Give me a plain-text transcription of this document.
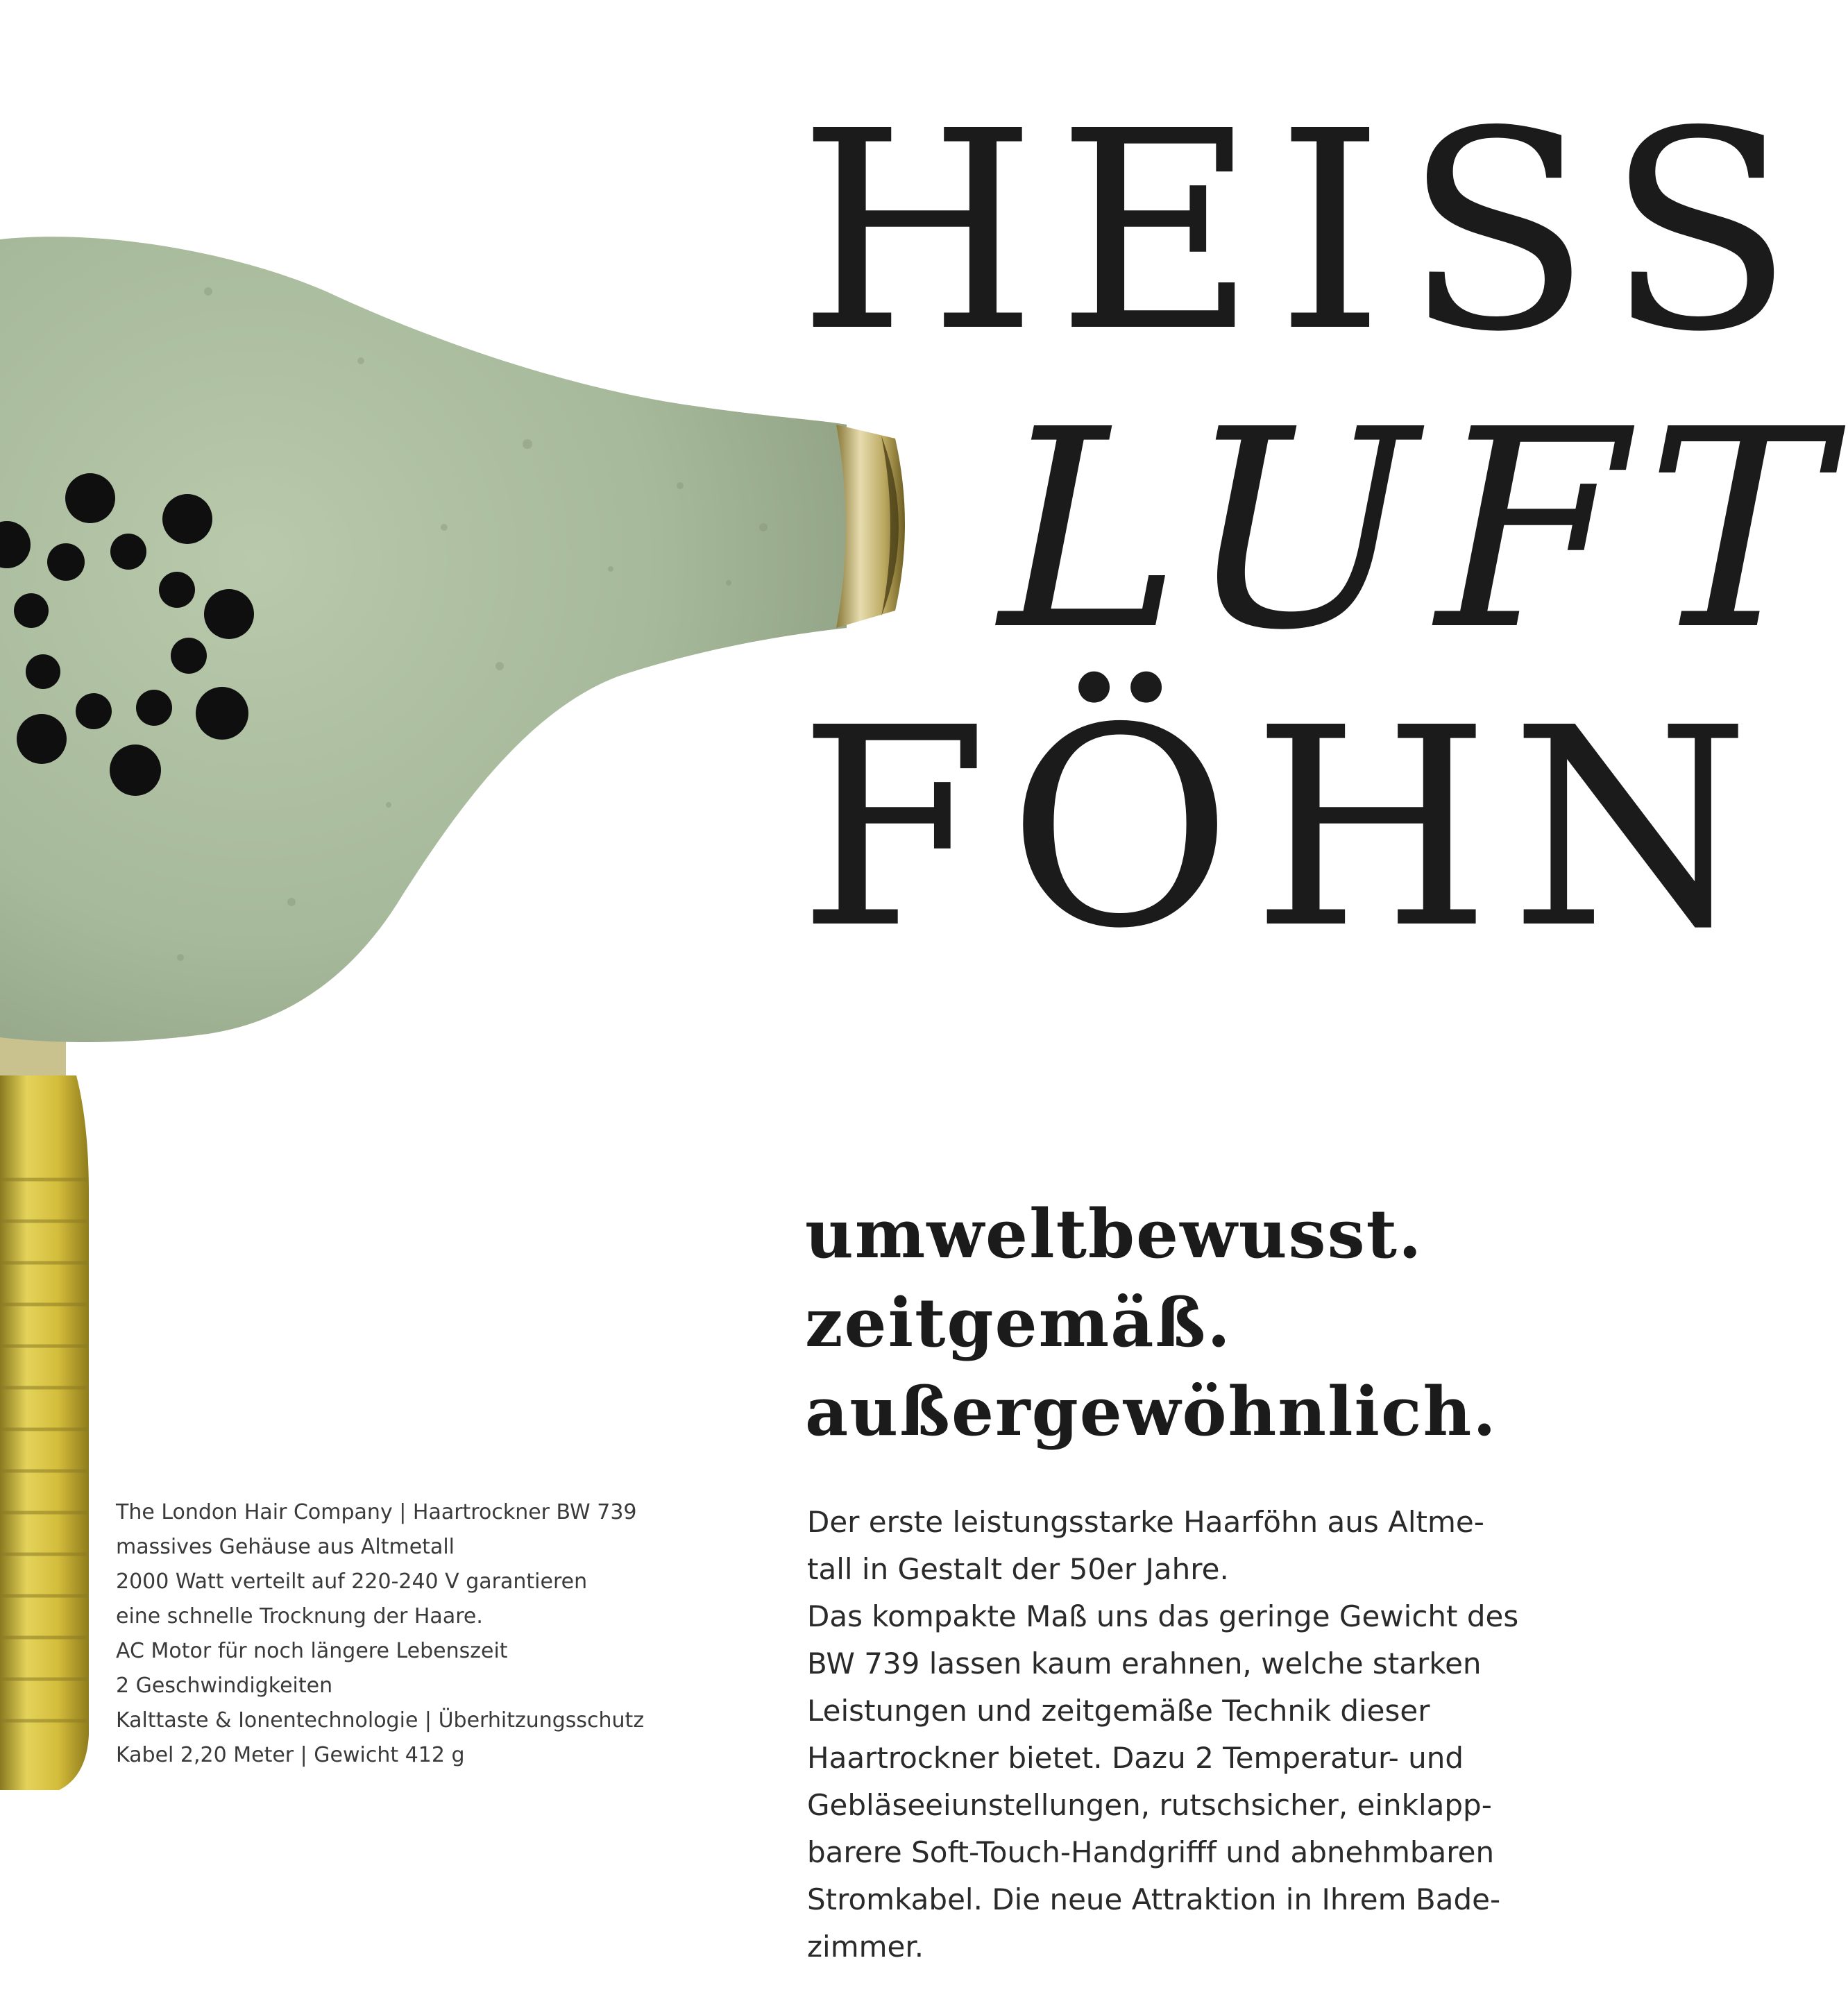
HEISS
LUFT
FÖHN
umweltbewusst.
zeitgemäß.
außergewöhnlich.

Der erste leistungsstarke Haarföhn aus Altme-
tall in Gestalt der 50er Jahre.
Das kompakte Maß uns das geringe Gewicht des
BW 739 lassen kaum erahnen, welche starken
Leistungen und zeitgemäße Technik dieser
Haartrockner bietet. Dazu 2 Temperatur- und
Gebläseeiunstellungen, rutschsicher, einklapp-
barere Soft-Touch-Handgrifff und abnehmbaren
Stromkabel. Die neue Attraktion in Ihrem Bade-
zimmer.

The London Hair Company | Haartrockner BW 739
massives Gehäuse aus Altmetall
2000 Watt verteilt auf 220-240 V garantieren
eine schnelle Trocknung der Haare.
AC Motor für noch längere Lebenszeit
2 Geschwindigkeiten
Kalttaste & Ionentechnologie | Überhitzungsschutz
Kabel 2,20 Meter | Gewicht 412 g
